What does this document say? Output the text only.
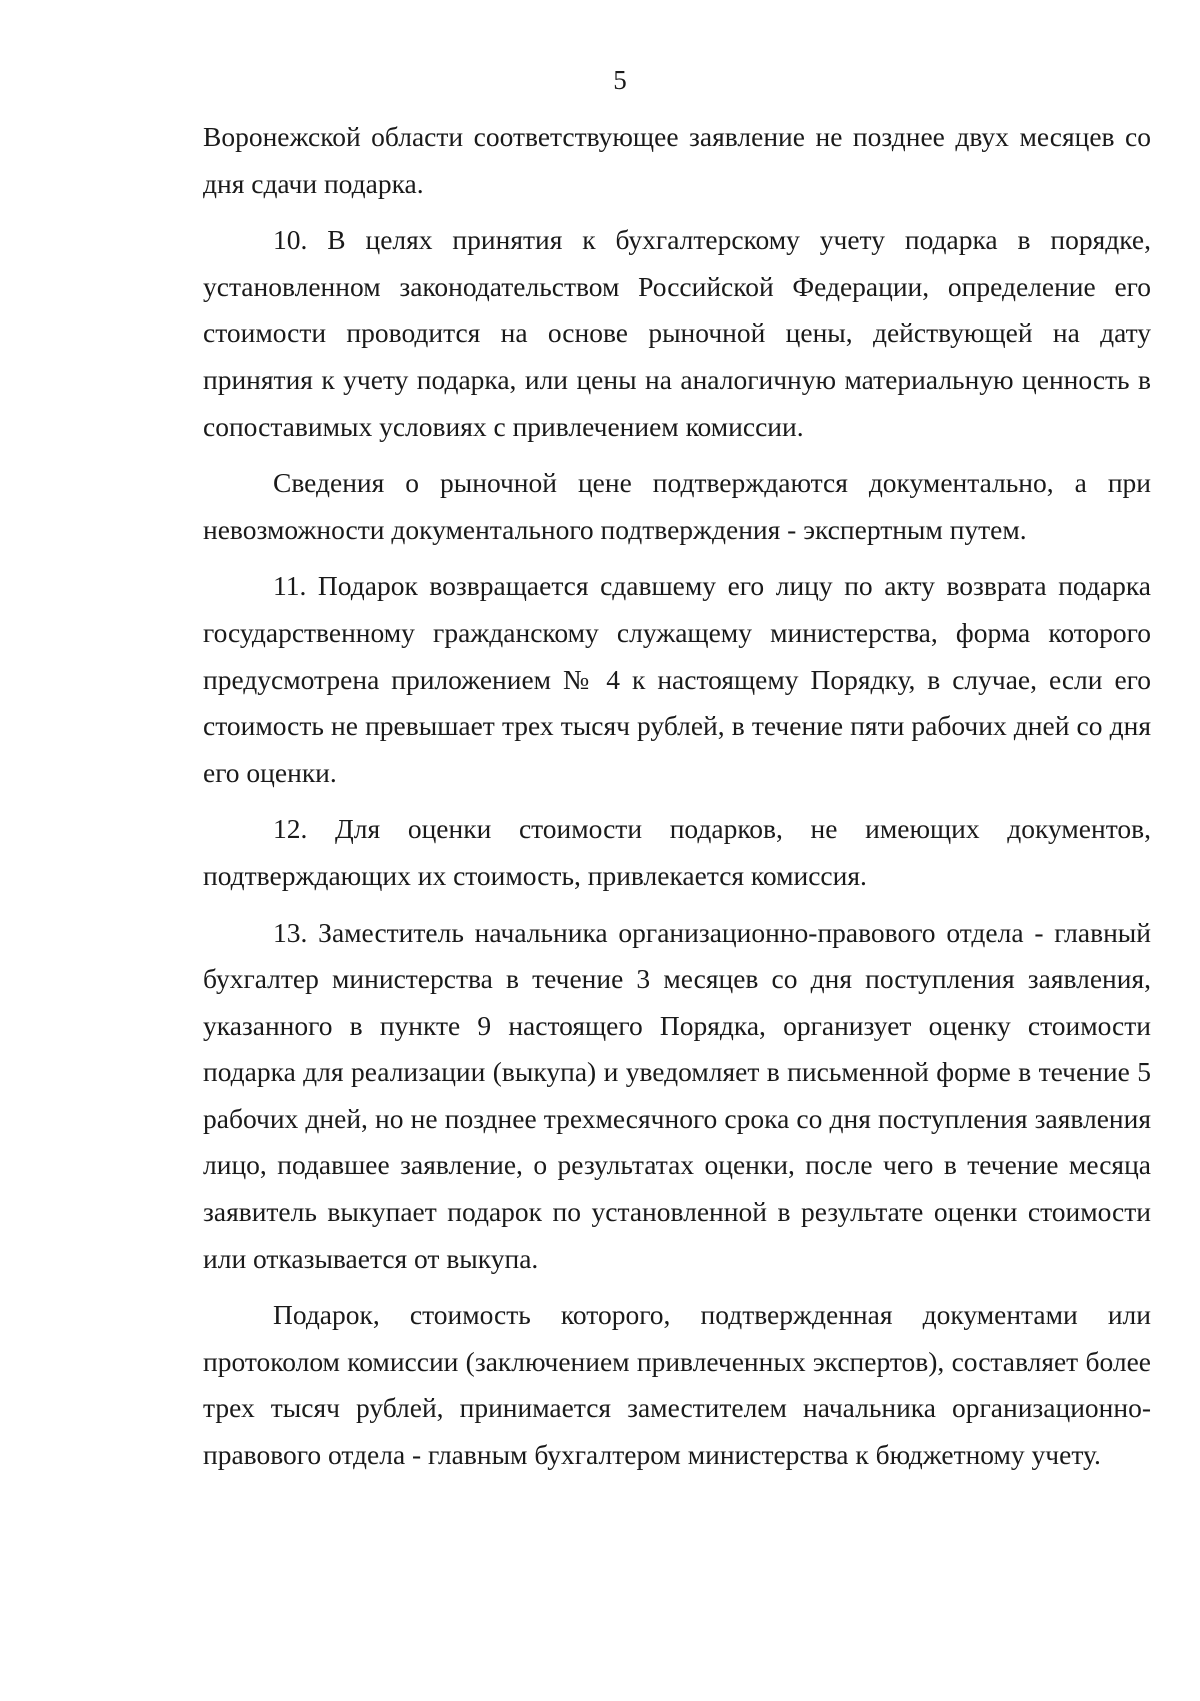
5

Воронежской области соответствующее заявление не позднее двух месяцев со дня сдачи подарка.

10. В целях принятия к бухгалтерскому учету подарка в порядке, установленном законодательством Российской Федерации, определение его стоимости проводится на основе рыночной цены, действующей на дату принятия к учету подарка, или цены на аналогичную материальную ценность в сопоставимых условиях с привлечением комиссии.

Сведения о рыночной цене подтверждаются документально, а при невозможности документального подтверждения - экспертным путем.

11. Подарок возвращается сдавшему его лицу по акту возврата подарка государственному гражданскому служащему министерства, форма которого предусмотрена приложением № 4 к настоящему Порядку, в случае, если его стоимость не превышает трех тысяч рублей, в течение пяти рабочих дней со дня его оценки.

12. Для оценки стоимости подарков, не имеющих документов, подтверждающих их стоимость, привлекается комиссия.

13. Заместитель начальника организационно-правового отдела - главный бухгалтер министерства в течение 3 месяцев со дня поступления заявления, указанного в пункте 9 настоящего Порядка, организует оценку стоимости подарка для реализации (выкупа) и уведомляет в письменной форме в течение 5 рабочих дней, но не позднее трехмесячного срока со дня поступления заявления лицо, подавшее заявление, о результатах оценки, после чего в течение месяца заявитель выкупает подарок по установленной в результате оценки стоимости или отказывается от выкупа.

Подарок, стоимость которого, подтвержденная документами или протоколом комиссии (заключением привлеченных экспертов), составляет более трех тысяч рублей, принимается заместителем начальника организационно-правового отдела - главным бухгалтером министерства к бюджетному учету.
